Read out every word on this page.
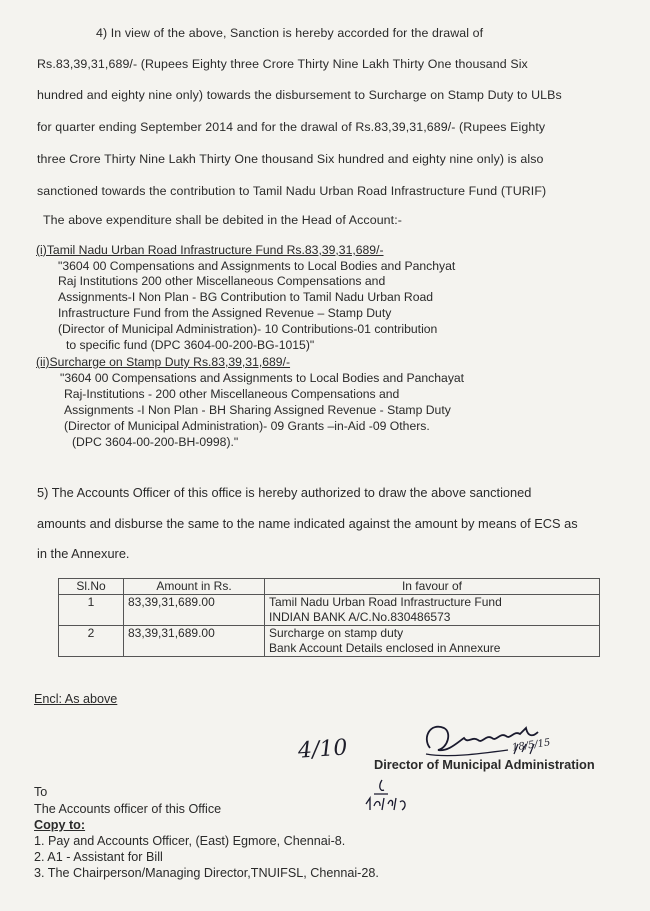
4) In view of the above, Sanction is hereby accorded for the drawal of
Rs.83,39,31,689/- (Rupees Eighty three Crore Thirty Nine Lakh Thirty One thousand Six
hundred and eighty nine only) towards the disbursement to Surcharge on Stamp Duty to ULBs
for quarter ending September 2014 and for the drawal of Rs.83,39,31,689/- (Rupees Eighty
three Crore Thirty Nine Lakh Thirty One thousand Six hundred and eighty nine only) is also
sanctioned towards the contribution to Tamil Nadu Urban Road Infrastructure Fund (TURIF)
The above expenditure shall be debited in the Head of Account:-
(i)Tamil Nadu Urban Road Infrastructure Fund Rs.83,39,31,689/-
"3604 00 Compensations and Assignments to Local Bodies and Panchyat
Raj Institutions 200 other Miscellaneous Compensations and
Assignments-I Non Plan - BG Contribution to Tamil Nadu Urban Road
Infrastructure Fund from the Assigned Revenue – Stamp Duty
(Director of Municipal Administration)- 10 Contributions-01 contribution
to specific fund (DPC 3604-00-200-BG-1015)"
(ii)Surcharge on Stamp Duty Rs.83,39,31,689/-
"3604 00 Compensations and Assignments to Local Bodies and Panchayat
Raj-Institutions - 200 other Miscellaneous Compensations and
Assignments -I Non Plan - BH Sharing Assigned Revenue - Stamp Duty
(Director of Municipal Administration)- 09 Grants –in-Aid -09 Others.
(DPC 3604-00-200-BH-0998)."
5) The Accounts Officer of this office is hereby authorized to draw the above sanctioned
amounts and disburse the same to the name indicated against the amount by means of ECS as
in the Annexure.
Sl.No	Amount in Rs.	In favour of
1	83,39,31,689.00	Tamil Nadu Urban Road Infrastructure Fund
INDIAN BANK A/C.No.830486573

2	83,39,31,689.00	Surcharge on stamp duty
Bank Account Details enclosed in Annexure
Encl: As above
4/10	18/5/15
Director of Municipal Administration
To
The Accounts officer of this Office
Copy to:
1. Pay and Accounts Officer, (East) Egmore, Chennai-8.
2. A1 - Assistant for Bill
3. The Chairperson/Managing Director,TNUIFSL, Chennai-28.
